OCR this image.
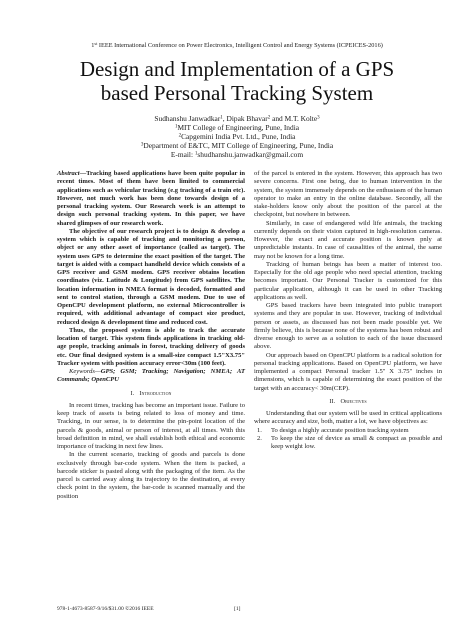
1st IEEE International Conference on Power Electronics, Intelligent Control and Energy Systems (ICPEICES-2016)
Design and Implementation of a GPS
based Personal Tracking System
Sudhanshu Janwadkar$^1$, Dipak Bhavar$^2$ and M.T. Kolte$^3$
$^1$MIT College of Engineering, Pune, India
$^2$Capgemini India Pvt. Ltd., Pune, India
$^3$Department of E&TC, MIT College of Engineering, Pune, India
E-mail: $^1$shudhanshu.janwadkar@gmail.com

Abstract—Tracking based applications have been quite popular in recent times. Most of them have been limited to commercial applications such as vehicular tracking (e.g tracking of a train etc). However, not much work has been done towards design of a personal tracking system. Our Research work is an attempt to design such personal tracking system. In this paper, we have shared glimpses of our research work.

The objective of our research project is to design & develop a system which is capable of tracking and monitoring a person, object or any other asset of importance (called as target). The system uses GPS to determine the exact position of the target. The target is aided with a compact handheld device which consists of a GPS receiver and GSM modem. GPS receiver obtains location coordinates (viz. Latitude & Longitude) from GPS satellites. The location information in NMEA format is decoded, formatted and sent to control station, through a GSM modem. Due to use of OpenCPU development platform, no external Microcontroller is required, with additional advantage of compact size product, reduced design & development time and reduced cost.

Thus, the proposed system is able to track the accurate location of target. This system finds applications in tracking old-age people, tracking animals in forest, tracking delivery of goods etc. Our final designed system is a small-size compact 1.5"X3.75" Tracker system with position accuracy error<30m (100 feet).

Keywords—GPS; GSM; Tracking; Navigation; NMEA; AT Commands; OpenCPU

I. Introduction

In recent times, tracking has become an important issue. Failure to keep track of assets is being related to loss of money and time. Tracking, in our sense, is to determine the pin-point location of the parcels & goods, animal or person of interest, at all times. With this broad definition in mind, we shall establish both ethical and economic importance of tracking in next few lines.

In the current scenario, tracking of goods and parcels is done exclusively through bar-code system. When the item is packed, a barcode sticker is pasted along with the packaging of the item. As the parcel is carried away along its trajectory to the destination, at every check point in the system, the bar-code is scanned manually and the position

of the parcel is entered in the system. However, this approach has two severe concerns. First one being, due to human intervention in the system, the system immensely depends on the enthusiasm of the human operator to make an entry in the online database. Secondly, all the stake-holders know only about the position of the parcel at the checkpoint, but nowhere in between.

Similarly, in case of endangered wild life animals, the tracking currently depends on their vision captured in high-resolution cameras. However, the exact and accurate position is known pnly at unpredictable instants. In case of causalities of the animal, the same may not be known for a long time.

Tracking of human beings has been a matter of interest too. Especially for the old age people who need special attention, tracking becomes important. Our Personal Tracker is customized for this particular application, although it can be used in other Tracking applications as well.

GPS based trackers have been integrated into public transport systems and they are popular in use. However, tracking of individual person or assets, as discussed has not been made possible yet. We firmly believe, this is because none of the systems has been robust and diverse enough to serve as a solution to each of the issue discussed above.

Our approach based on OpenCPU platform is a radical solution for personal tracking applications. Based on OpenCPU platform, we have implemented a compact Personal tracker 1.5'' X 3.75'' inches in dimensions, which is capable of determining the exact position of the target with an accuracy< 30m(CEP).

II. Objectives

Understanding that our system will be used in critical applications where accuracy and size, both, matter a lot, we have objectives as:

1.	To design a highly accurate position tracking system
2.	To keep the size of device as small & compact as possible and keep weight low.
978-1-4673-8587-9/16/$31.00 ©2016 IEEE	[1]
